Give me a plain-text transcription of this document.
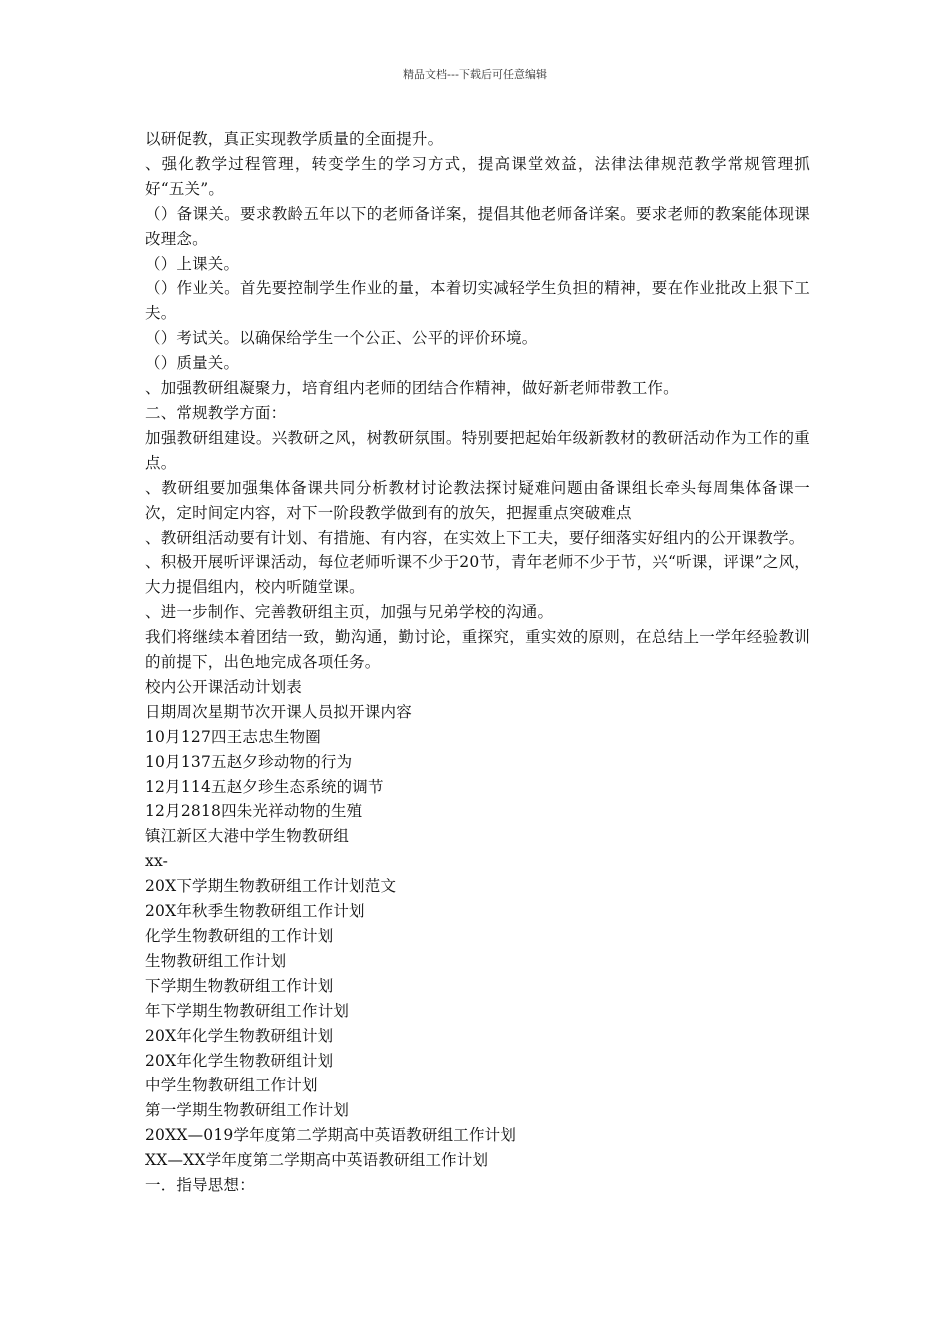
精品文档---下载后可任意编辑

以研促教，真正实现教学质量的全面提升。

、强化教学过程管理，转变学生的学习方式，提高课堂效益，法律法律规范教学常规管理抓好“五关”。

（）备课关。要求教龄五年以下的老师备详案，提倡其他老师备详案。要求老师的教案能体现课改理念。

（）上课关。

（）作业关。首先要控制学生作业的量，本着切实减轻学生负担的精神，要在作业批改上狠下工夫。

（）考试关。以确保给学生一个公正、公平的评价环境。

（）质量关。

、加强教研组凝聚力，培育组内老师的团结合作精神，做好新老师带教工作。

二、常规教学方面：

加强教研组建设。兴教研之风，树教研氛围。特别要把起始年级新教材的教研活动作为工作的重点。

、教研组要加强集体备课共同分析教材讨论教法探讨疑难问题由备课组长牵头每周集体备课一次，定时间定内容，对下一阶段教学做到有的放矢，把握重点突破难点

、教研组活动要有计划、有措施、有内容，在实效上下工夫，要仔细落实好组内的公开课教学。

、积极开展听评课活动，每位老师听课不少于20节，青年老师不少于节，兴“听课，评课”之风，大力提倡组内，校内听随堂课。

、进一步制作、完善教研组主页，加强与兄弟学校的沟通。

我们将继续本着团结一致，勤沟通，勤讨论，重探究，重实效的原则，在总结上一学年经验教训的前提下，出色地完成各项任务。

校内公开课活动计划表

日期周次星期节次开课人员拟开课内容

10月127四王志忠生物圈

10月137五赵夕珍动物的行为

12月114五赵夕珍生态系统的调节

12月2818四朱光祥动物的生殖

镇江新区大港中学生物教研组

xx-

20X下学期生物教研组工作计划范文

20X年秋季生物教研组工作计划

化学生物教研组的工作计划

生物教研组工作计划

下学期生物教研组工作计划

年下学期生物教研组工作计划

20X年化学生物教研组计划

20X年化学生物教研组计划

中学生物教研组工作计划

第一学期生物教研组工作计划

20XX—019学年度第二学期高中英语教研组工作计划

XX—XX学年度第二学期高中英语教研组工作计划

一．指导思想：
